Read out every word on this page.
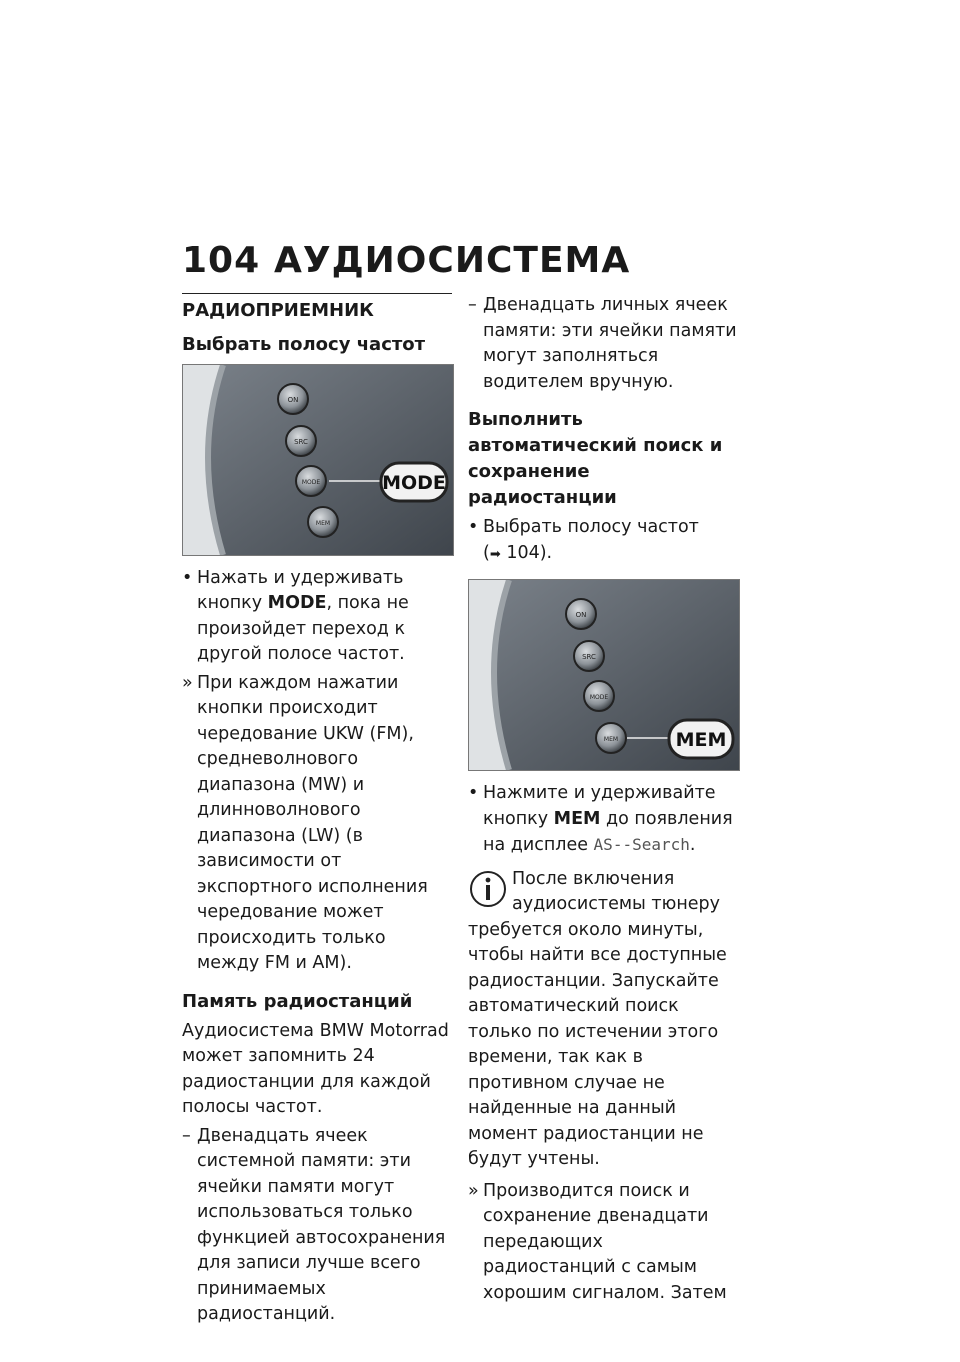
104 АУДИОСИСТЕМА
РАДИОПРИЕМНИК
Выбрать полосу частот
ON
SRC
MODE
MEM
MODE
• Нажать и удерживать кнопку MODE, пока не произойдет переход к другой полосе частот.
» При каждом нажатии кнопки происходит чередование UKW (FM), средневолнового диапазона (MW) и длинноволнового диапазона (LW) (в зависимости от экспортного исполнения чередование может происходить только между FM и AM).
Память радиостанций
Аудиосистема BMW Motorrad может запомнить 24 радиостанции для каждой полосы частот.
– Двенадцать ячеек системной памяти: эти ячейки памяти могут использоваться только функцией автосохранения для записи лучше всего принимаемых радиостанций.
– Двенадцать личных ячеек памяти: эти ячейки памяти могут заполняться водителем вручную.
Выполнить автоматический поиск и сохранение радиостанции
• Выбрать полосу частот
(➡ 104).
ON
SRC
MODE
MEM	MEM
• Нажмите и удерживайте кнопку MEM до появления на дисплее AS--Search.
После включения аудиосистемы тюнеру
требуется около минуты, чтобы найти все доступные радиостанции. Запускайте автоматический поиск только по истечении этого времени, так как в противном случае не найденные на данный момент радиостанции не будут учтены.
» Производится поиск и сохранение двенадцати передающих радиостанций с самым хорошим сигналом. Затем
